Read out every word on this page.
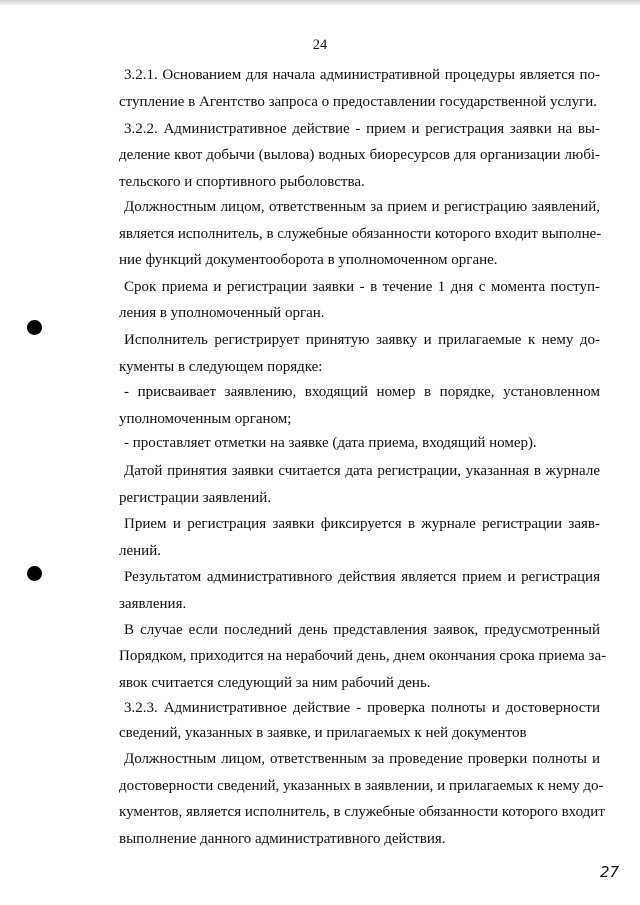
24
3.2.1. Основанием для начала административной процедуры является по-
ступление в Агентство запроса о предоставлении государственной услуги.
3.2.2. Административное действие - прием и регистрация заявки на вы-
деление квот добычи (вылова) водных биоресурсов для организации любі-
тельского и спортивного рыболовства.
Должностным лицом, ответственным за прием и регистрацию заявлений,
является исполнитель, в служебные обязанности которого входит выполне-
ние функций документооборота в уполномоченном органе.
Срок приема и регистрации заявки - в течение 1 дня с момента поступ-
ления в уполномоченный орган.
Исполнитель регистрирует принятую заявку и прилагаемые к нему до-
кументы в следующем порядке:
- присваивает заявлению, входящий номер в порядке, установленном
уполномоченным органом;
- проставляет отметки на заявке (дата приема, входящий номер).
Датой принятия заявки считается дата регистрации, указанная в журнале
регистрации заявлений.
Прием и регистрация заявки фиксируется в журнале регистрации заяв-
лений.
Результатом административного действия является прием и регистрация
заявления.
В случае если последний день представления заявок, предусмотренный
Порядком, приходится на нерабочий день, днем окончания срока приема за-
явок считается следующий за ним рабочий день.
3.2.3. Административное действие - проверка полноты и достоверности
сведений, указанных в заявке, и прилагаемых к ней документов
Должностным лицом, ответственным за проведение проверки полноты и
достоверности сведений, указанных в заявлении, и прилагаемых к нему до-
кументов, является исполнитель, в служебные обязанности которого входит
выполнение данного административного действия.
27
